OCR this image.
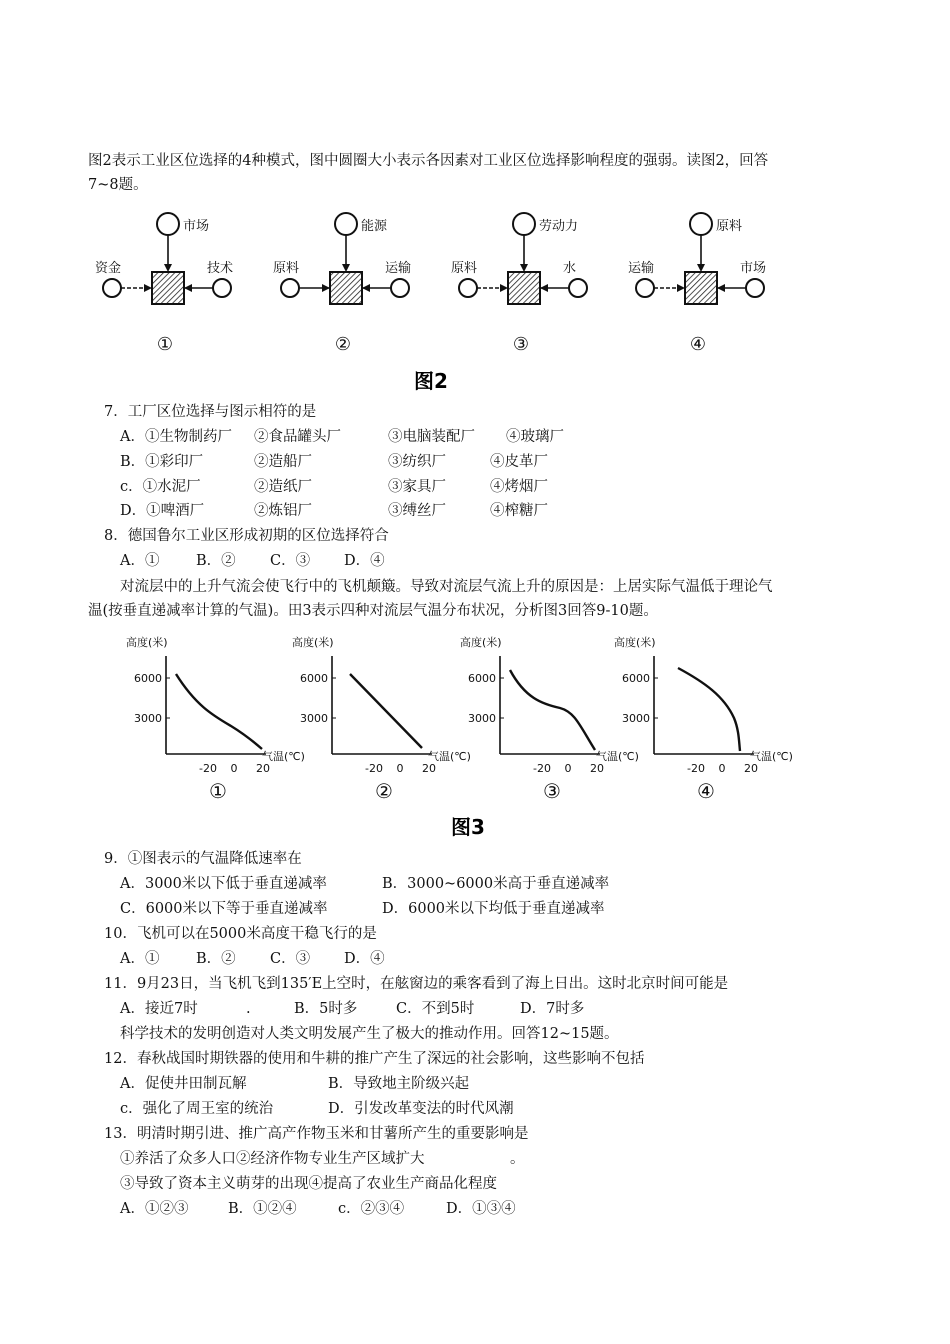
图2表示工业区位选择的4种模式，图中圆圈大小表示各因素对工业区位选择影响程度的强弱。读图2，回答
7~8题。
市场
资金	技术
①
能源
原料	运输
②
劳动力
原料	水
③
原料
运输	市场
④
图2
7．工厂区位选择与图示相符的是
A．①生物制药厂 ②食品罐头厂	③电脑装配厂 ④玻璃厂
B．①彩印厂	②造船厂	③纺织厂	④皮革厂
c．①水泥厂	②造纸厂	③家具厂	④烤烟厂
D．①啤酒厂	②炼铝厂	③缚丝厂	④榨糖厂
8．德国鲁尔工业区形成初期的区位选择符合
A．①	B．② C．③ D．④
对流层中的上升气流会使飞行中的飞机颠簸。导致对流层气流上升的原因是：上居实际气温低于理论气
温(按垂直递减率计算的气温)。田3表示四种对流层气温分布状况，分析图3回答9-10题。
高度(米)
气温(℃)
6000
3000
-20 0 20
①
高度(米)
气温(℃)
6000
3000
-20 0 20
②
高度(米)
气温(℃)
6000
3000
-20 0 20
③
高度(米)
气温(℃)
6000
3000
-20 0 20
④
图3
9．①图表示的气温降低速率在
A．3000米以下低于垂直递减率	B．3000~6000米高于垂直递减率
C．6000米以下等于垂直递减率	D．6000米以下均低于垂直递减率
10．飞机可以在5000米高度干稳飞行的是
A．①	B．② C．③ D．④
11．9月23日，当飞机飞到135′E上空时，在舷窗边的乘客看到了海上日出。这时北京时间可能是
A．接近7时	.	B．5时多	C．不到5时	D．7时多
科学技术的发明创造对人类文明发展产生了极大的推动作用。回答12~15题。
12．春秋战国时期铁器的使用和牛耕的推广产生了深远的社会影响，这些影响不包括
A．促使井田制瓦解	B．导致地主阶级兴起
c．强化了周王室的统治	D．引发改革变法的时代风潮
13．明清时期引进、推广高产作物玉米和甘薯所产生的重要影响是
①养活了众多人口②经济作物专业生产区域扩大	。
③导致了资本主义萌芽的出现④提高了农业生产商品化程度
A．①②③	B．①②④	c．②③④	D．①③④
